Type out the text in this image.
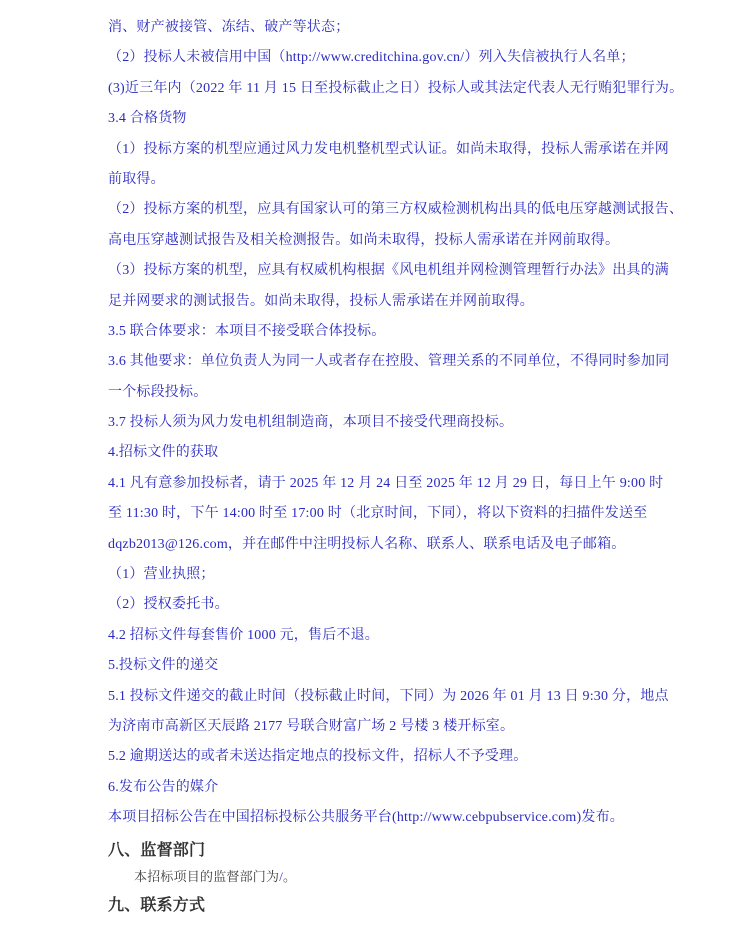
消、财产被接管、冻结、破产等状态；
（2）投标人未被信用中国（http://www.creditchina.gov.cn/）列入失信被执行人名单；
(3)近三年内（2022 年 11 月 15 日至投标截止之日）投标人或其法定代表人无行贿犯罪行为。
3.4 合格货物
（1）投标方案的机型应通过风力发电机整机型式认证。如尚未取得，投标人需承诺在并网
前取得。
（2）投标方案的机型，应具有国家认可的第三方权威检测机构出具的低电压穿越测试报告、
高电压穿越测试报告及相关检测报告。如尚未取得，投标人需承诺在并网前取得。
（3）投标方案的机型，应具有权威机构根据《风电机组并网检测管理暂行办法》出具的满
足并网要求的测试报告。如尚未取得，投标人需承诺在并网前取得。
3.5 联合体要求：本项目不接受联合体投标。
3.6 其他要求：单位负责人为同一人或者存在控股、管理关系的不同单位，不得同时参加同
一个标段投标。
3.7 投标人须为风力发电机组制造商，本项目不接受代理商投标。
4.招标文件的获取
4.1 凡有意参加投标者，请于 2025 年 12 月 24 日至 2025 年 12 月 29 日，每日上午 9:00 时
至 11:30 时，下午 14:00 时至 17:00 时（北京时间，下同），将以下资料的扫描件发送至
dqzb2013@126.com，并在邮件中注明投标人名称、联系人、联系电话及电子邮箱。
（1）营业执照；
（2）授权委托书。
4.2 招标文件每套售价 1000 元，售后不退。
5.投标文件的递交
5.1 投标文件递交的截止时间（投标截止时间，下同）为 2026 年 01 月 13 日 9:30 分，地点
为济南市高新区天辰路 2177 号联合财富广场 2 号楼 3 楼开标室。
5.2 逾期送达的或者未送达指定地点的投标文件，招标人不予受理。
6.发布公告的媒介
本项目招标公告在中国招标投标公共服务平台(http://www.cebpubservice.com)发布。
八、监督部门
本招标项目的监督部门为/。
九、联系方式
